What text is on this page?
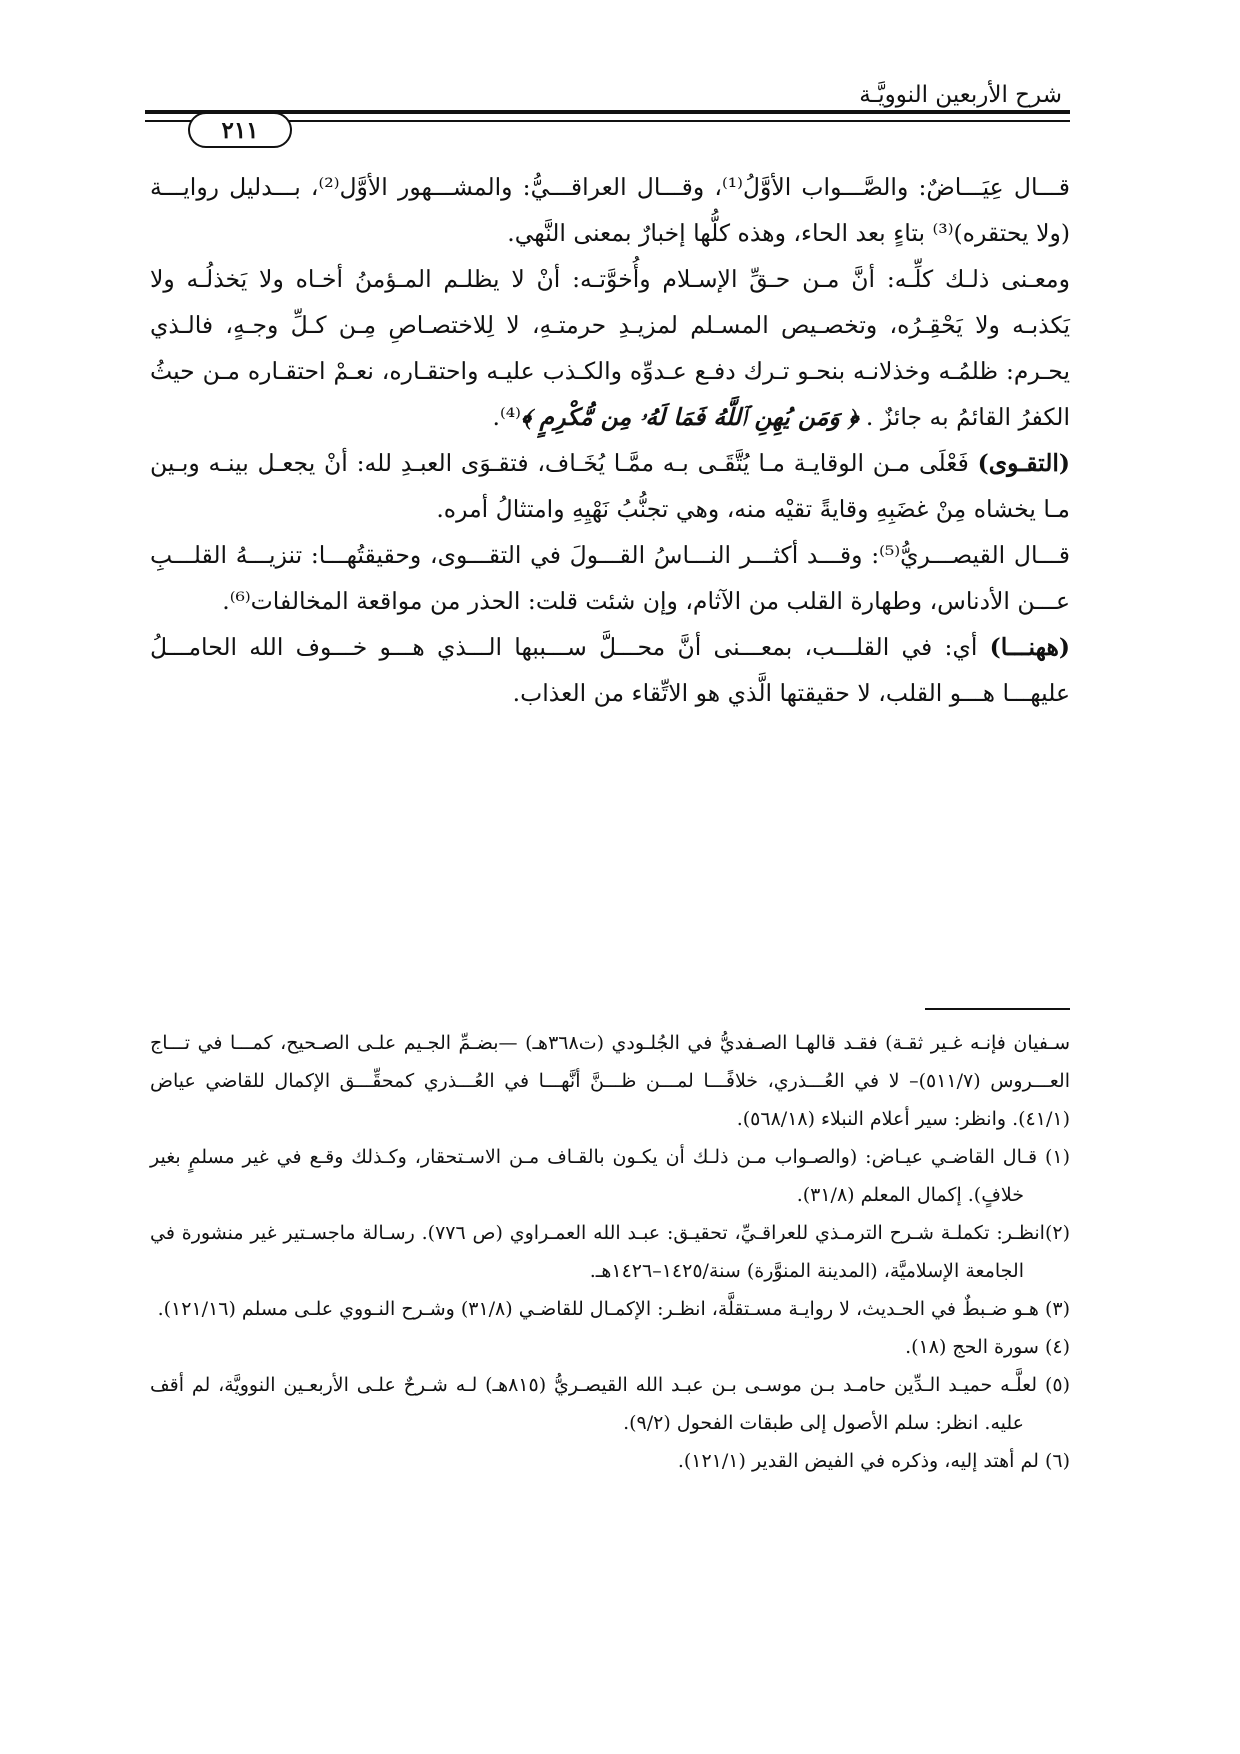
شرح الأربعين النوويَّـة
٢١١

قـــال عِيَـــاضٌ: والصَّـــواب الأوَّلُ⁽¹⁾، وقـــال العراقـــيُّ: والمشـــهور الأوَّل⁽²⁾، بـــدليل روايـــة (ولا يحتقره)⁽³⁾ بتاءٍ بعد الحاء، وهذه كلُّها إخبارٌ بمعنى النَّهي.

ومعـنى ذلـك كلِّـه: أنَّ مـن حـقِّ الإسـلام وأُخوَّتـه: أنْ لا يظلـم المـؤمنُ أخـاه ولا يَخذلُـه ولا يَكذبـه ولا يَحْقِـرُه، وتخصـيص المسـلم لمزيـدِ حرمتـهِ، لا لِلاختصـاصِ مِـن كـلِّ وجـهٍ، فالـذي يحـرم: ظلمُـه وخذلانـه بنحـو تـرك دفـع عـدوِّه والكـذب عليـه واحتقـاره، نعـمْ احتقـاره مـن حيثُ الكفرُ القائمُ به جائزٌ . ﴿ وَمَن يُهِنِ ٱللَّهُ فَمَا لَهُۥ مِن مُّكْرِمٍ ﴾⁽⁴⁾.

(التقـوى) فَعْلَى مـن الوقايـة مـا يُتَّقَـى بـه ممَّـا يُخَـاف، فتقـوَى العبـدِ لله: أنْ يجعـل بينـه وبـين مـا يخشاه مِنْ غضَبِهِ وقايةً تقيْه منه، وهي تجنُّبُ نَهْيِهِ وامتثالُ أمره.

قـــال القيصـــريُّ⁽⁵⁾: وقـــد أكثـــر النـــاسُ القـــولَ في التقـــوى، وحقيقتُهـــا: تنزيـــهُ القلـــبِ عـــن الأدناس، وطهارة القلب من الآثام، وإن شئت قلت: الحذر من مواقعة المخالفات⁽⁶⁾.

(ههنـــا) أي: في القلـــب، بمعـــنى أنَّ محـــلَّ ســـببها الـــذي هـــو خـــوف الله الحامـــلُ عليهـــا هـــو القلب، لا حقيقتها الَّذي هو الاتِّقاء من العذاب.

سـفيان فإنـه غـير ثقـة) فقـد قالهـا الصـفديُّ في الجُلـودي (ت٣٦٨هـ) —بضـمِّ الجـيم علـى الصـحيح، كمـــا في تـــاج العـــروس (٥١١/٧)– لا في العُـــذري، خلافًـــا لمـــن ظـــنَّ أنَّهـــا في العُـــذري كمحقِّـــق الإكمال للقاضي عياض (٤١/١). وانظر: سير أعلام النبلاء (٥٦٨/١٨).

(١) قـال القاضـي عيـاض: (والصـواب مـن ذلـك أن يكـون بالقـاف مـن الاسـتحقار، وكـذلك وقـع في غير مسلمٍ بغير خلافٍ). إكمال المعلم (٣١/٨).

(٢)انظـر: تكملـة شـرح الترمـذي للعراقـيِّ، تحقيـق: عبـد الله العمـراوي (ص ٧٧٦). رسـالة ماجسـتير غير منشورة في الجامعة الإسلاميَّة، (المدينة المنوَّرة) سنة/١٤٢٥–١٤٢٦هـ.

(٣) هـو ضـبطٌ في الحـديث، لا روايـة مسـتقلَّة، انظـر: الإكمـال للقاضـي (٣١/٨) وشـرح النـووي علـى مسلم (١٢١/١٦).

(٤) سورة الحج (١٨).

(٥) لعلَّـه حميـد الـدِّين حامـد بـن موسـى بـن عبـد الله القيصـريُّ (٨١٥هـ) لـه شـرحٌ علـى الأربعـين النوويَّة، لم أقف عليه. انظر: سلم الأصول إلى طبقات الفحول (٩/٢).

(٦) لم أهتد إليه، وذكره في الفيض القدير (١٢١/١).
